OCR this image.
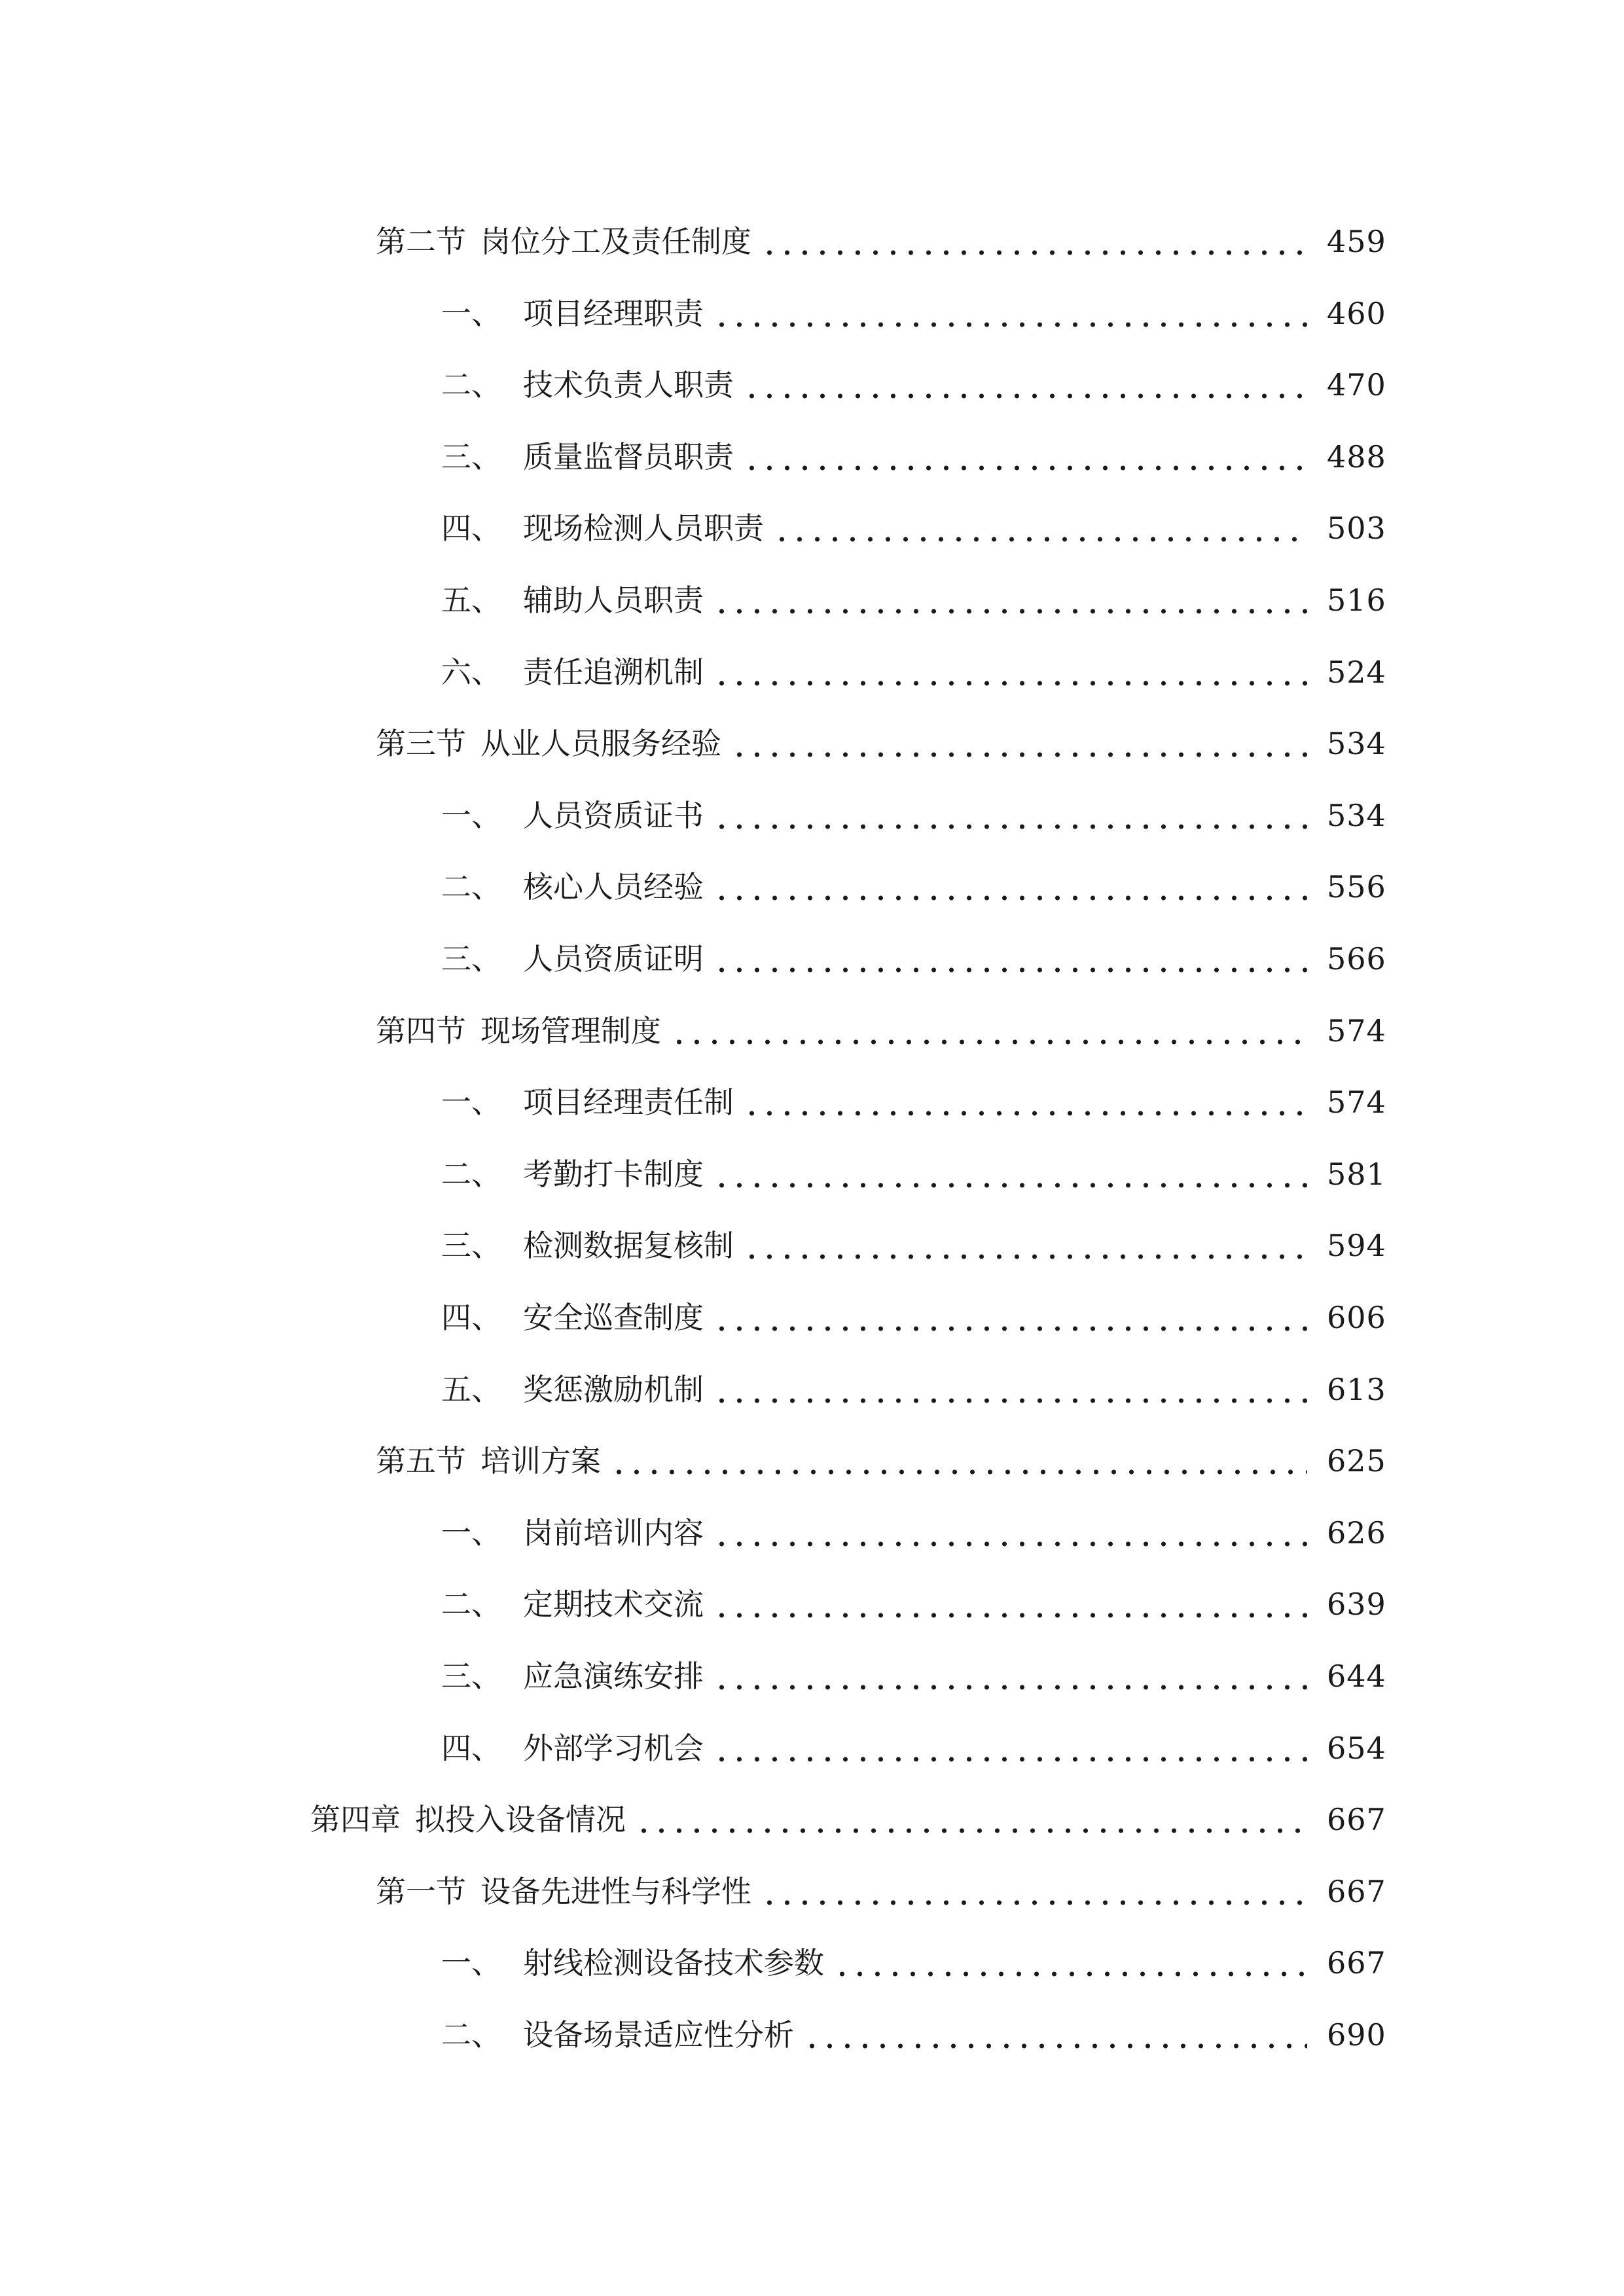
第二节 岗位分工及责任制度	459
一、 项目经理职责	460
二、 技术负责人职责	470
三、 质量监督员职责	488
四、 现场检测人员职责	503
五、 辅助人员职责	516
六、 责任追溯机制	524
第三节 从业人员服务经验	534
一、 人员资质证书	534
二、 核心人员经验	556
三、 人员资质证明	566
第四节 现场管理制度	574
一、 项目经理责任制	574
二、 考勤打卡制度	581
三、 检测数据复核制	594
四、 安全巡查制度	606
五、 奖惩激励机制	613
第五节 培训方案	625
一、 岗前培训内容	626
二、 定期技术交流	639
三、 应急演练安排	644
四、 外部学习机会	654
第四章 拟投入设备情况	667
第一节 设备先进性与科学性	667
一、 射线检测设备技术参数	667
二、 设备场景适应性分析	690
